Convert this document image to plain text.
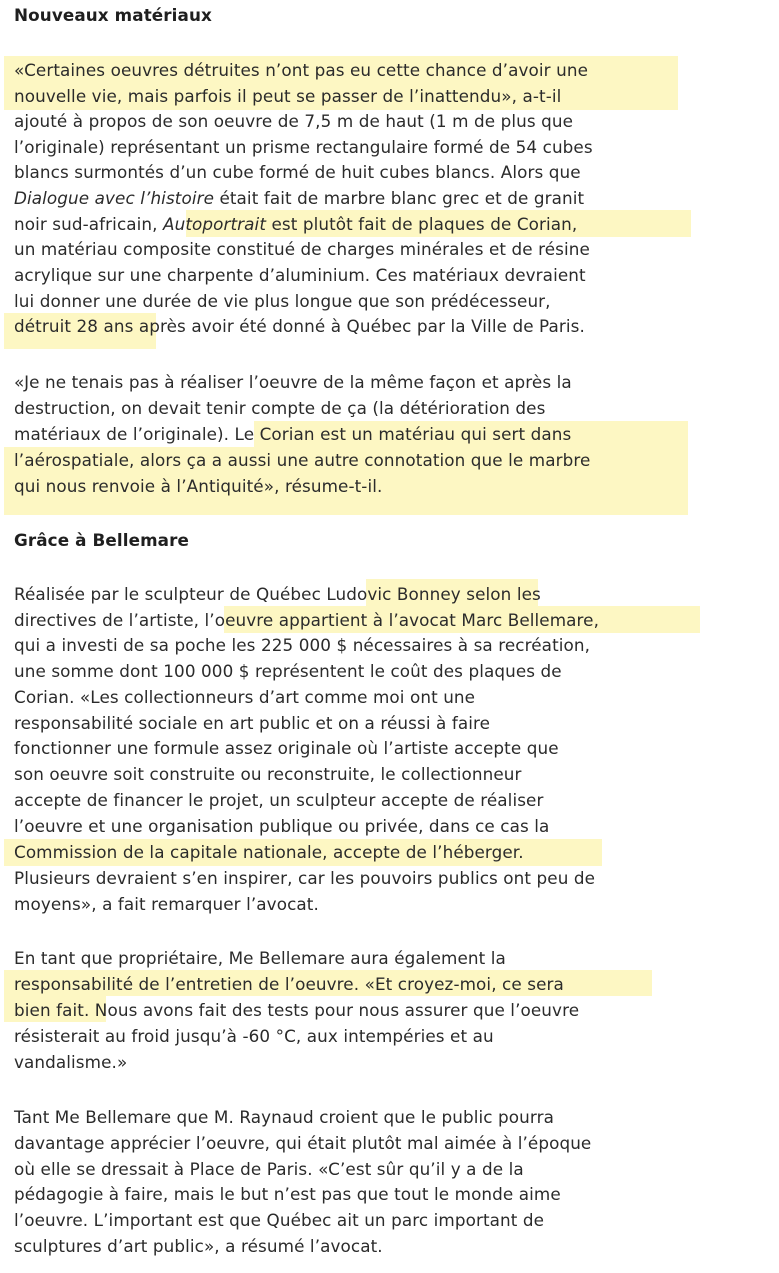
Nouveaux matériaux
«Certaines oeuvres détruites n’ont pas eu cette chance d’avoir une
nouvelle vie, mais parfois il peut se passer de l’inattendu», a-t-il
ajouté à propos de son oeuvre de 7,5 m de haut (1 m de plus que
l’originale) représentant un prisme rectangulaire formé de 54 cubes
blancs surmontés d’un cube formé de huit cubes blancs. Alors que
Dialogue avec l’histoire était fait de marbre blanc grec et de granit
noir sud-africain, Autoportrait est plutôt fait de plaques de Corian,
un matériau composite constitué de charges minérales et de résine
acrylique sur une charpente d’aluminium. Ces matériaux devraient
lui donner une durée de vie plus longue que son prédécesseur,
détruit 28 ans après avoir été donné à Québec par la Ville de Paris.
«Je ne tenais pas à réaliser l’oeuvre de la même façon et après la
destruction, on devait tenir compte de ça (la détérioration des
matériaux de l’originale). Le Corian est un matériau qui sert dans
l’aérospatiale, alors ça a aussi une autre connotation que le marbre
qui nous renvoie à l’Antiquité», résume-t-il.
Grâce à Bellemare
Réalisée par le sculpteur de Québec Ludovic Bonney selon les
directives de l’artiste, l’oeuvre appartient à l’avocat Marc Bellemare,
qui a investi de sa poche les 225 000 $ nécessaires à sa recréation,
une somme dont 100 000 $ représentent le coût des plaques de
Corian. «Les collectionneurs d’art comme moi ont une
responsabilité sociale en art public et on a réussi à faire
fonctionner une formule assez originale où l’artiste accepte que
son oeuvre soit construite ou reconstruite, le collectionneur
accepte de financer le projet, un sculpteur accepte de réaliser
l’oeuvre et une organisation publique ou privée, dans ce cas la
Commission de la capitale nationale, accepte de l’héberger.
Plusieurs devraient s’en inspirer, car les pouvoirs publics ont peu de
moyens», a fait remarquer l’avocat.
En tant que propriétaire, Me Bellemare aura également la
responsabilité de l’entretien de l’oeuvre. «Et croyez-moi, ce sera
bien fait. Nous avons fait des tests pour nous assurer que l’oeuvre
résisterait au froid jusqu’à -60 °C, aux intempéries et au
vandalisme.»
Tant Me Bellemare que M. Raynaud croient que le public pourra
davantage apprécier l’oeuvre, qui était plutôt mal aimée à l’époque
où elle se dressait à Place de Paris. «C’est sûr qu’il y a de la
pédagogie à faire, mais le but n’est pas que tout le monde aime
l’oeuvre. L’important est que Québec ait un parc important de
sculptures d’art public», a résumé l’avocat.
